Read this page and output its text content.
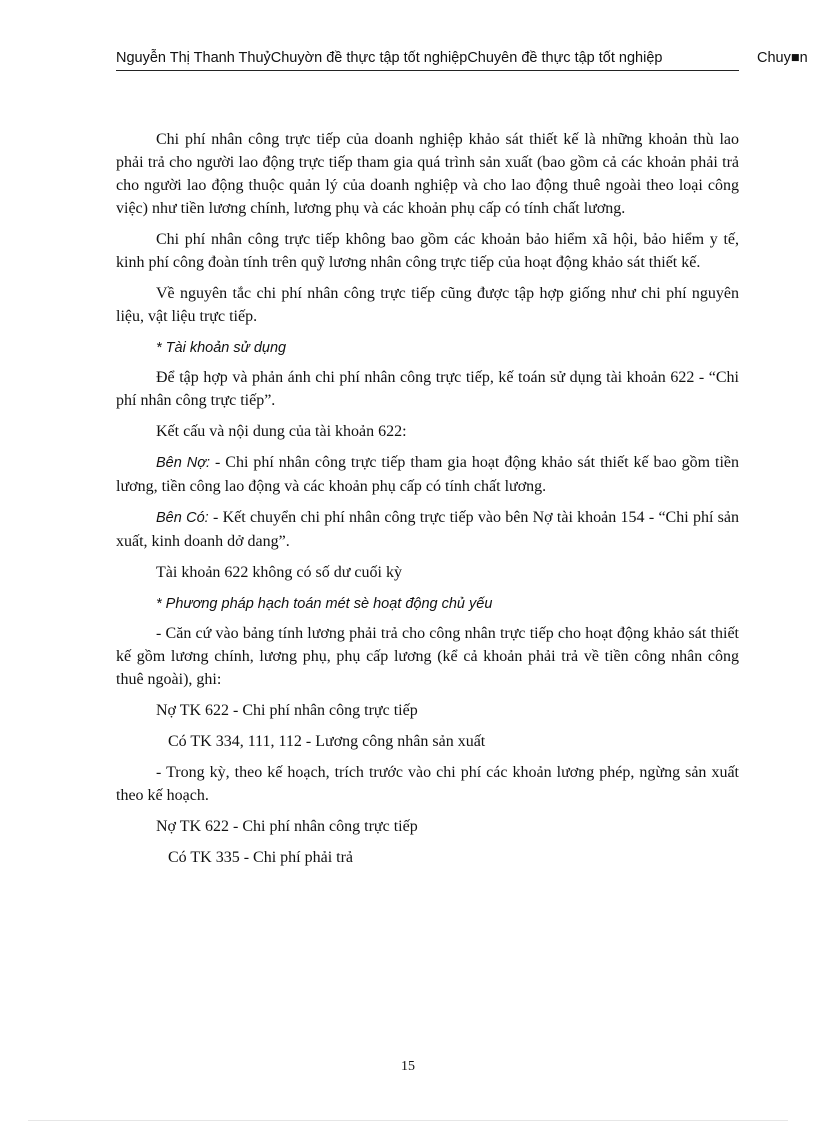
Nguyễn Thị Thanh ThuỷChuyờn đề thực tập tốt nghiệpChuyên đề thực tập tốt nghiệp	Chuy■n

Chi phí nhân công trực tiếp của doanh nghiệp khảo sát thiết kế là những khoản thù lao phải trả cho người lao động trực tiếp tham gia quá trình sản xuất (bao gồm cả các khoản phải trả cho người lao động thuộc quản lý của doanh nghiệp và cho lao động thuê ngoài theo loại công việc) như tiền lương chính, lương phụ và các khoản phụ cấp có tính chất lương.

Chi phí nhân công trực tiếp không bao gồm các khoản bảo hiểm xã hội, bảo hiểm y tế, kinh phí công đoàn tính trên quỹ lương nhân công trực tiếp của hoạt động khảo sát thiết kế.

Về nguyên tắc chi phí nhân công trực tiếp cũng được tập hợp giống như chi phí nguyên liệu, vật liệu trực tiếp.

* Tài khoản sử dụng

Để tập hợp và phản ánh chi phí nhân công trực tiếp, kế toán sử dụng tài khoản 622 - “Chi phí nhân công trực tiếp”.

Kết cấu và nội dung của tài khoản 622:

Bên Nợ: - Chi phí nhân công trực tiếp tham gia hoạt động khảo sát thiết kế bao gồm tiền lương, tiền công lao động và các khoản phụ cấp có tính chất lương.

Bên Có: - Kết chuyển chi phí nhân công trực tiếp vào bên Nợ tài khoản 154 - “Chi phí sản xuất, kinh doanh dở dang”.

Tài khoản 622 không có số dư cuối kỳ

* Phương pháp hạch toán mét sè hoạt động chủ yếu

- Căn cứ vào bảng tính lương phải trả cho công nhân trực tiếp cho hoạt động khảo sát thiết kế gồm lương chính, lương phụ, phụ cấp lương (kể cả khoản phải trả về tiền công nhân công thuê ngoài), ghi:

Nợ TK 622 - Chi phí nhân công trực tiếp

Có TK 334, 111, 112 - Lương công nhân sản xuất

- Trong kỳ, theo kế hoạch, trích trước vào chi phí các khoản lương phép, ngừng sản xuất theo kế hoạch.

Nợ TK 622 - Chi phí nhân công trực tiếp

Có TK 335 - Chi phí phải trả

15
